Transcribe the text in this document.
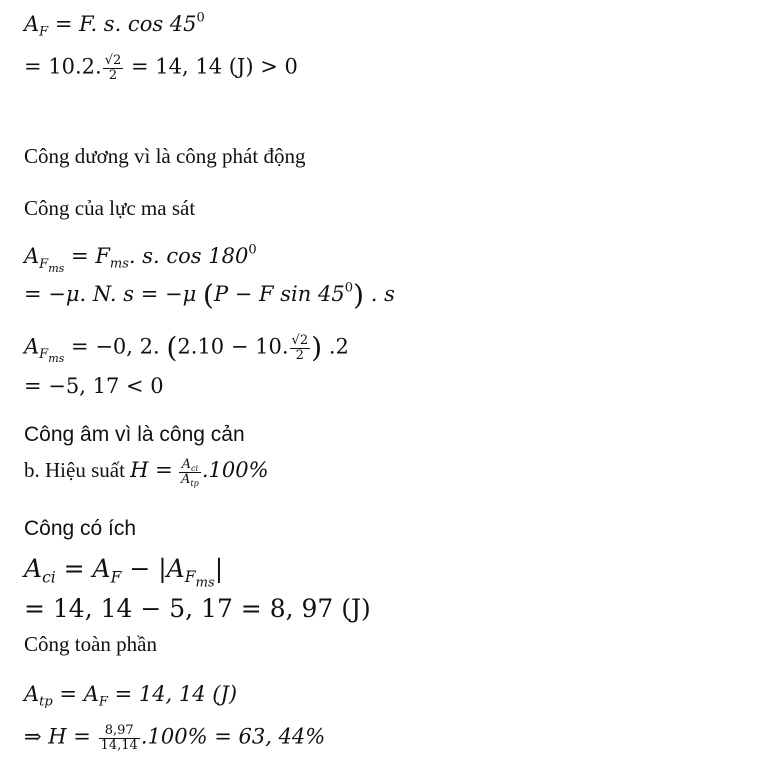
$A_F = F$. s. $\cos 45^0$
= 10.2. $\frac{√2}{2} = 14$, 14 (J) > 0
Công dương vì là công phát động
Công của lực ma sát
$A_{F_{ms}} = F_{ms}$. s. $\cos 180^0$
= −μ. N. s = −μ (P − F $\sin 45^0$) . s
$A_{F_{ms}} = -0$, 2. (2.10 − 10. $\frac{√2}{2}$ ) .2
= −5, 17 < 0
Công âm vì là công cản
b. Hiệu suất $H = \frac{A_{ci}}{A_{tp}} .100\%$
Công có ích
$A_{ci} = A_F - |A_{F_{ms}}|$
= 14, 14 − 5, 17 = 8, 97 (J)
Công toàn phần
$A_{tp} = A_F = 14$, 14 (J)
⇒ $H = \frac{8,97}{14,14} .100\% = 63$, 44%
